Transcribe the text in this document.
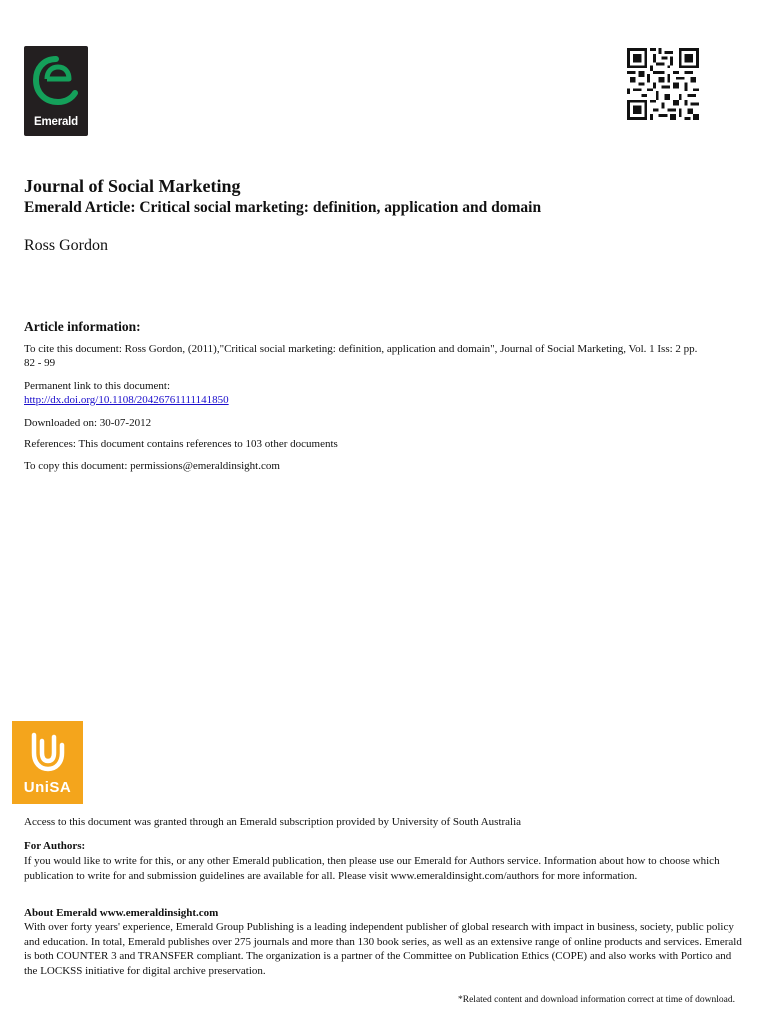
Emerald
Journal of Social Marketing
Emerald Article: Critical social marketing: definition, application and domain
Ross Gordon
Article information:
To cite this document: Ross Gordon, (2011),"Critical social marketing: definition, application and domain", Journal of Social Marketing, Vol. 1 Iss: 2 pp. 82 - 99
Permanent link to this document:
http://dx.doi.org/10.1108/20426761111141850
Downloaded on: 30-07-2012
References: This document contains references to 103 other documents
To copy this document: permissions@emeraldinsight.com
UniSA
Access to this document was granted through an Emerald subscription provided by University of South Australia
For Authors:
If you would like to write for this, or any other Emerald publication, then please use our Emerald for Authors service. Information about how to choose which publication to write for and submission guidelines are available for all. Please visit www.emeraldinsight.com/authors for more information.
About Emerald www.emeraldinsight.com
With over forty years' experience, Emerald Group Publishing is a leading independent publisher of global research with impact in business, society, public policy and education. In total, Emerald publishes over 275 journals and more than 130 book series, as well as an extensive range of online products and services. Emerald is both COUNTER 3 and TRANSFER compliant. The organization is a partner of the Committee on Publication Ethics (COPE) and also works with Portico and the LOCKSS initiative for digital archive preservation.
*Related content and download information correct at time of download.
